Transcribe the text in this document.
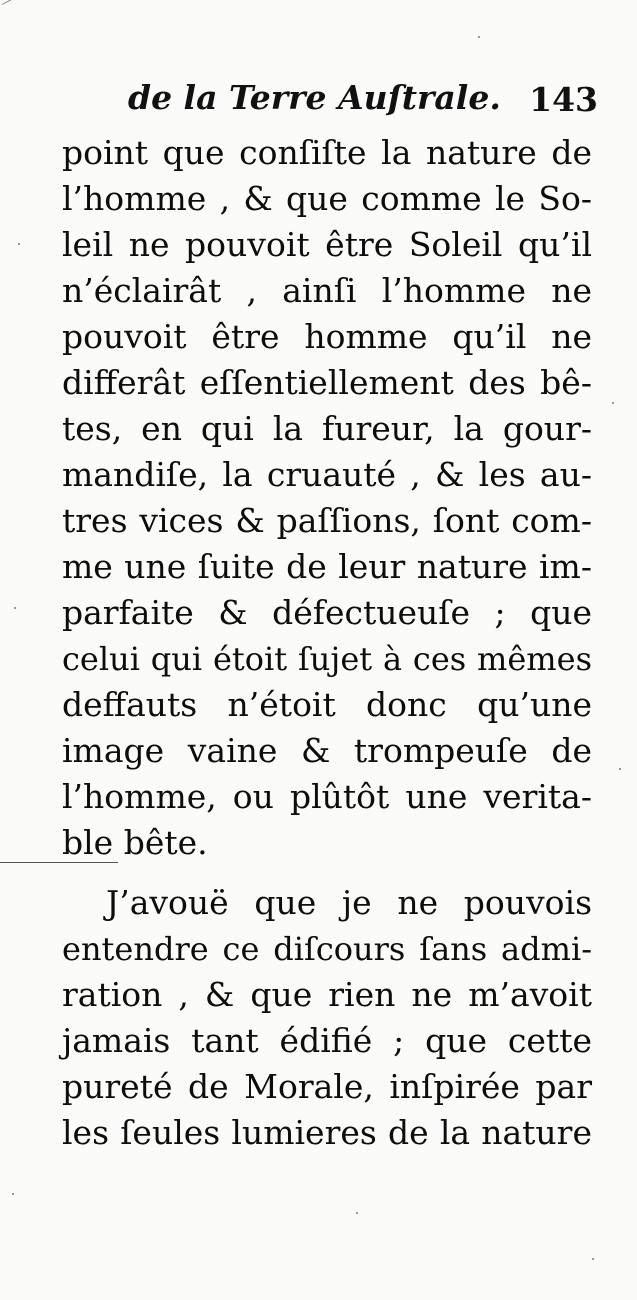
de la Terre Auſtrale. 143
point que conſiſte la nature de
l’homme , & que comme le So-
leil ne pouvoit être Soleil qu’il
n’éclairât , ainſi l’homme ne
pouvoit être homme qu’il ne
differât eſſentiellement des bê-
tes, en qui la fureur, la gour-
mandiſe, la cruauté , & les au-
tres vices & paſſions, ſont com-
me une ſuite de leur nature im-
parfaite & défectueuſe ; que
celui qui étoit ſujet à ces mêmes
deffauts n’étoit donc qu’une
image vaine & trompeuſe de
l’homme, ou plûtôt une verita-
ble bête.
J’avouë que je ne pouvois
entendre ce diſcours ſans admi-
ration , & que rien ne m’avoit
jamais tant édifié ; que cette
pureté de Morale, inſpirée par
les ſeules lumieres de la nature
